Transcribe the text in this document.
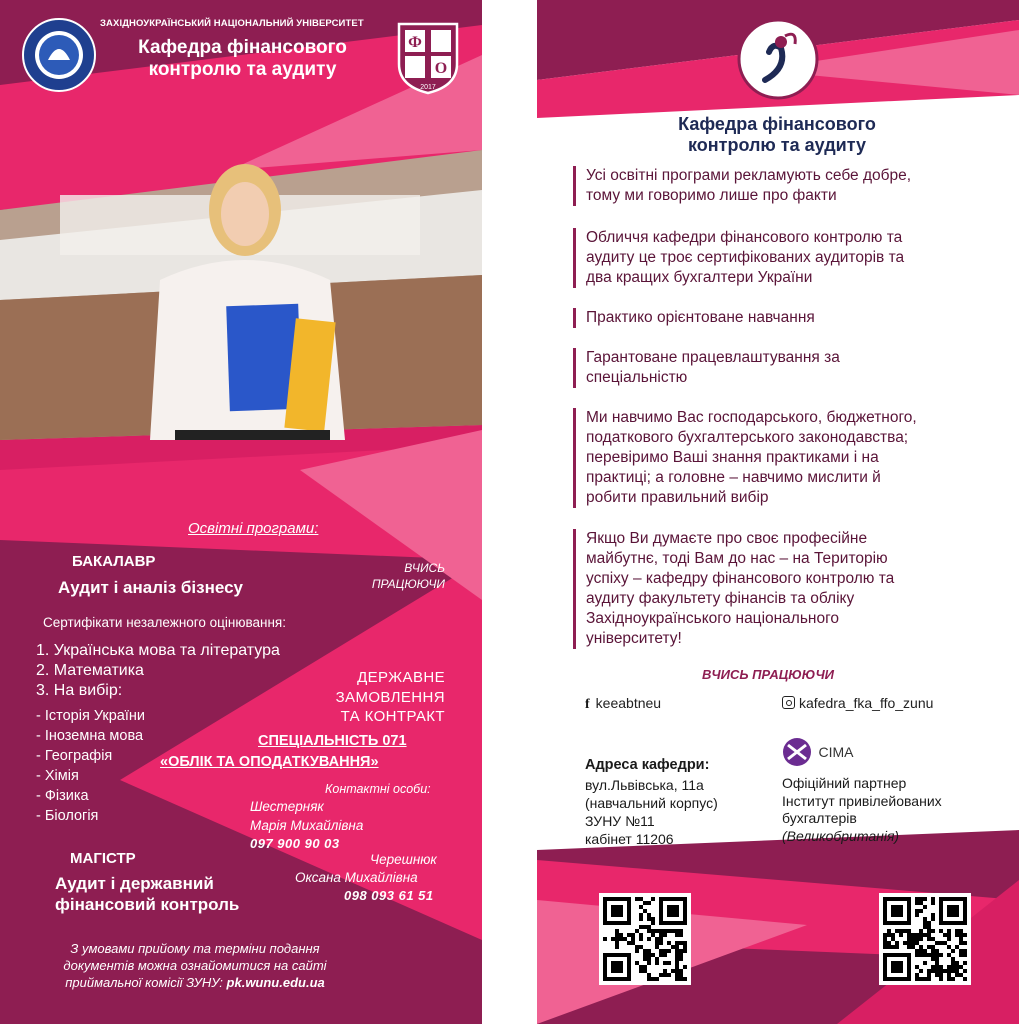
ЗАХІДНОУКРАЇНСЬКИЙ НАЦІОНАЛЬНИЙ УНІВЕРСИТЕТ
Кафедра фінансового
контролю та аудиту
Ф
О
2017
Освітні програми:
БАКАЛАВР
Аудит і аналіз бізнесу
ВЧИСЬ
ПРАЦЮЮЧИ
Сертифікати незалежного оцінювання:
1. Українська мова та література
2. Математика
3. На вибір:
- Історія України
- Іноземна мова
- Географія
- Хімія
- Фізика
- Біологія
ДЕРЖАВНЕ
ЗАМОВЛЕННЯ
ТА КОНТРАКТ
СПЕЦІАЛЬНІСТЬ 071
«ОБЛІК ТА ОПОДАТКУВАННЯ»
Контактні особи:
Шестерняк
Марія Михайлівна
097 900 90 03
Черешнюк
Оксана Михайлівна
098 093 61 51
МАГІСТР
Аудит і державний
фінансовий контроль
З умовами прийому та терміни подання
документів можна ознайомитися на сайті
приймальної комісії ЗУНУ: pk.wunu.edu.ua
Кафедра фінансового
контролю та аудиту
Усі освітні програми рекламують себе добре,
тому ми говоримо лише про факти
Обличчя кафедри фінансового контролю та
аудиту це троє сертифікованих аудиторів та
два кращих бухгалтери України
Практико орієнтоване навчання
Гарантоване працевлаштування за
спеціальністю
Ми навчимо Вас господарського, бюджетного,
податкового бухгалтерського законодавства;
перевіримо Ваші знання практиками і на
практиці; а головне – навчимо мислити й
робити правильний вибір
Якщо Ви думаєте про своє професійне
майбутнє, тоді Вам до нас – на Територію
успіху – кафедру фінансового контролю та
аудиту факультету фінансів та обліку
Західноукраїнського національного
університету!
ВЧИСЬ ПРАЦЮЮЧИ
f keeabtneu	kafedra_fka_ffo_zunu
Адреса кафедри:
вул.Львівська, 11а
(навчальний корпус)
ЗУНУ №11
кабінет 11206
CIMA
Офіційний партнер
Інститут привілейованих
бухгалтерів
(Великобританія)
